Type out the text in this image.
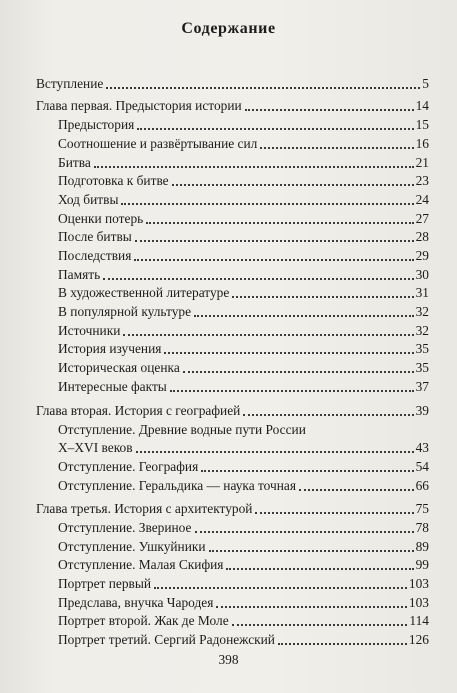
Содержание
Вступление	5
Глава первая. Предыстория истории	14
Предыстория	15
Соотношение и развёртывание сил	16
Битва	21
Подготовка к битве	23
Ход битвы	24
Оценки потерь	27
После битвы	28
Последствия	29
Память	30
В художественной литературе	31
В популярной культуре	32
Источники	32
История изучения	35
Историческая оценка	35
Интересные факты	37
Глава вторая. История с географией	39
Отступление. Древние водные пути России
X–XVI веков	43
Отступление. География	54
Отступление. Геральдика — наука точная	66
Глава третья. История с архитектурой	75
Отступление. Звериное	78
Отступление. Ушкуйники	89
Отступление. Малая Скифия	99
Портрет первый	103
Предслава, внучка Чародея	103
Портрет второй. Жак де Моле	114
Портрет третий. Сергий Радонежский	126
398
